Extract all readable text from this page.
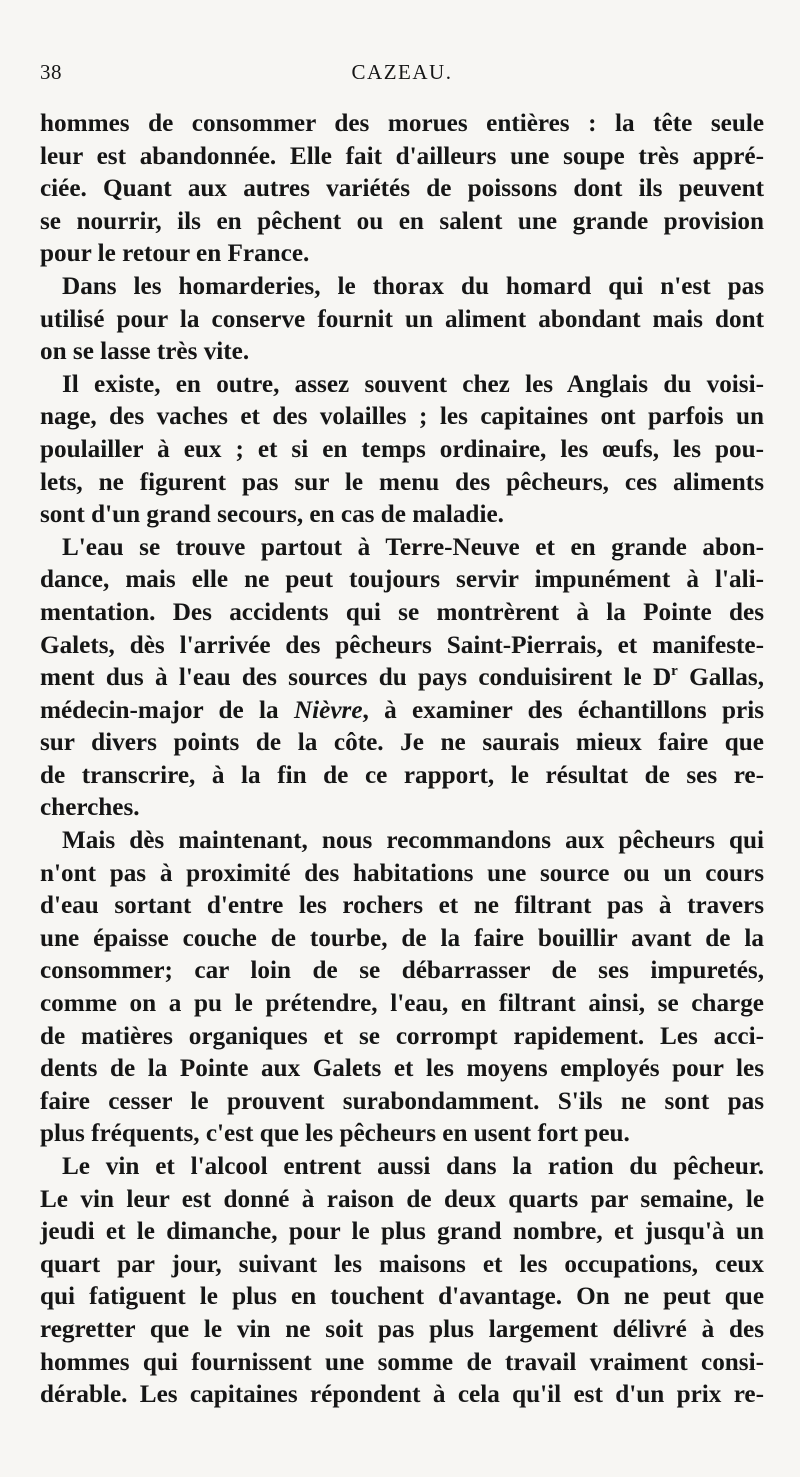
38	CAZEAU.
hommes de consommer des morues entières : la tête seule
leur est abandonnée. Elle fait d'ailleurs une soupe très appré-
ciée. Quant aux autres variétés de poissons dont ils peuvent
se nourrir, ils en pêchent ou en salent une grande provision
pour le retour en France.
Dans les homarderies, le thorax du homard qui n'est pas
utilisé pour la conserve fournit un aliment abondant mais dont
on se lasse très vite.
Il existe, en outre, assez souvent chez les Anglais du voisi-
nage, des vaches et des volailles ; les capitaines ont parfois un
poulailler à eux ; et si en temps ordinaire, les œufs, les pou-
lets, ne figurent pas sur le menu des pêcheurs, ces aliments
sont d'un grand secours, en cas de maladie.
L'eau se trouve partout à Terre-Neuve et en grande abon-
dance, mais elle ne peut toujours servir impunément à l'ali-
mentation. Des accidents qui se montrèrent à la Pointe des
Galets, dès l'arrivée des pêcheurs Saint-Pierrais, et manifeste-
ment dus à l'eau des sources du pays conduisirent le $D^r$ Gallas,
médecin-major de la Nièvre, à examiner des échantillons pris
sur divers points de la côte. Je ne saurais mieux faire que
de transcrire, à la fin de ce rapport, le résultat de ses re-
cherches.
Mais dès maintenant, nous recommandons aux pêcheurs qui
n'ont pas à proximité des habitations une source ou un cours
d'eau sortant d'entre les rochers et ne filtrant pas à travers
une épaisse couche de tourbe, de la faire bouillir avant de la
consommer; car loin de se débarrasser de ses impuretés,
comme on a pu le prétendre, l'eau, en filtrant ainsi, se charge
de matières organiques et se corrompt rapidement. Les acci-
dents de la Pointe aux Galets et les moyens employés pour les
faire cesser le prouvent surabondamment. S'ils ne sont pas
plus fréquents, c'est que les pêcheurs en usent fort peu.
Le vin et l'alcool entrent aussi dans la ration du pêcheur.
Le vin leur est donné à raison de deux quarts par semaine, le
jeudi et le dimanche, pour le plus grand nombre, et jusqu'à un
quart par jour, suivant les maisons et les occupations, ceux
qui fatiguent le plus en touchent d'avantage. On ne peut que
regretter que le vin ne soit pas plus largement délivré à des
hommes qui fournissent une somme de travail vraiment consi-
dérable. Les capitaines répondent à cela qu'il est d'un prix re-
